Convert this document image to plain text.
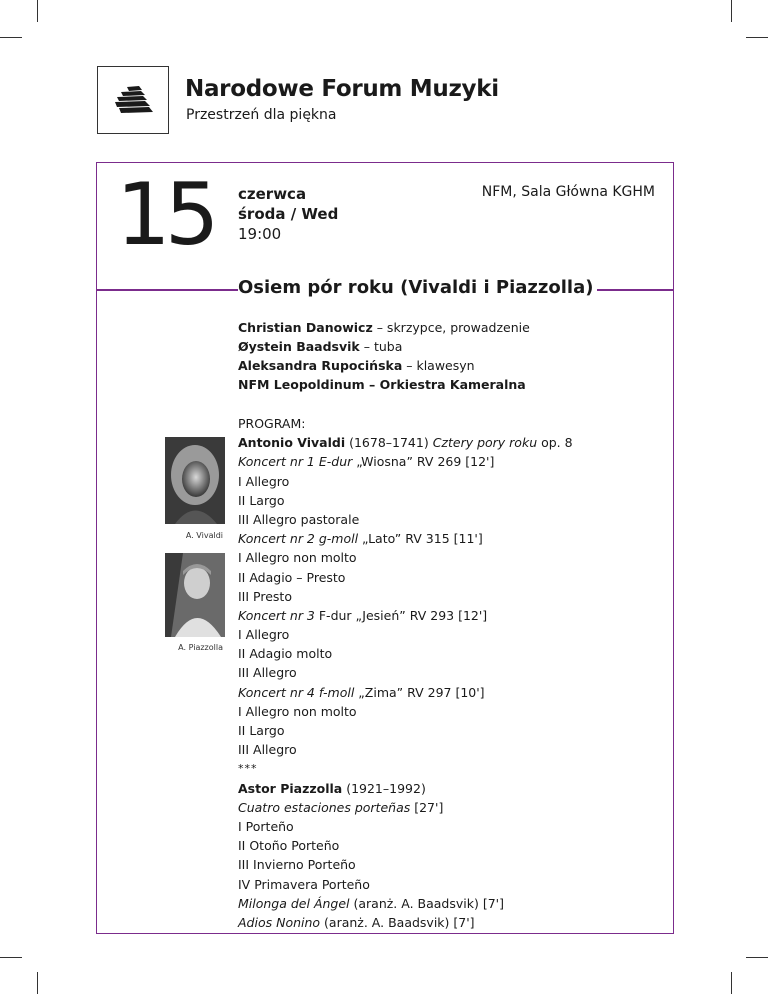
Narodowe Forum Muzyki
Przestrzeń dla piękna
15 czerwca
środa / Wed
19:00
NFM, Sala Główna KGHM
Osiem pór roku (Vivaldi i Piazzolla)
Christian Danowicz – skrzypce, prowadzenie
Øystein Baadsvik – tuba
Aleksandra Rupocińska – klawesyn
NFM Leopoldinum – Orkiestra Kameralna
A. Vivaldi
A. Piazzolla
PROGRAM:
Antonio Vivaldi (1678–1741) Cztery pory roku op. 8
Koncert nr 1 E-dur „Wiosna” RV 269 [12']
I Allegro
II Largo
III Allegro pastorale
Koncert nr 2 g-moll „Lato” RV 315 [11']
I Allegro non molto
II Adagio – Presto
III Presto
Koncert nr 3 F-dur „Jesień” RV 293 [12']
I Allegro
II Adagio molto
III Allegro
Koncert nr 4 f-moll „Zima” RV 297 [10']
I Allegro non molto
II Largo
III Allegro
***
Astor Piazzolla (1921–1992)
Cuatro estaciones porteñas [27']
I Porteño
II Otoño Porteño
III Invierno Porteño
IV Primavera Porteño
Milonga del Ángel (aranż. A. Baadsvik) [7']
Adios Nonino (aranż. A. Baadsvik) [7']
